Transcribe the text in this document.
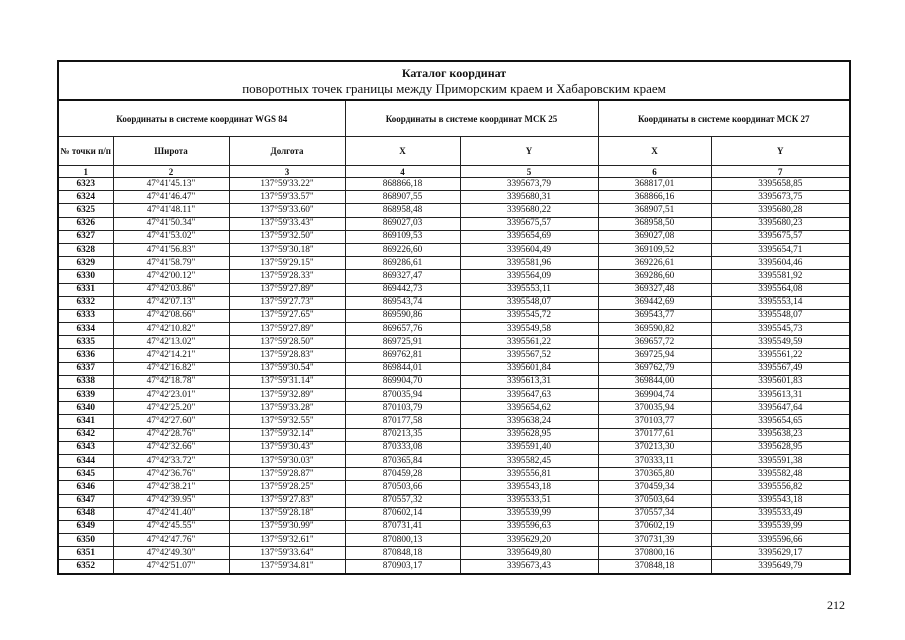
Каталог координат
поворотных точек границы между Приморским краем и Хабаровским краем						

Координаты в системе координат WGS 84			Координаты в системе координат МСК 25		Координаты в системе координат МСК 27	
№ точки п/п	Широта	Долгота	X	Y	X	Y
1	2	3	4	5	6	7
6323	47°41'45.13"	137°59'33.22"	868866,18	3395673,79	368817,01	3395658,85
6324	47°41'46.47"	137°59'33.57"	868907,55	3395680,31	368866,16	3395673,75
6325	47°41'48.11"	137°59'33.60"	868958,48	3395680,22	368907,51	3395680,28
6326	47°41'50.34"	137°59'33.43"	869027,03	3395675,57	368958,50	3395680,23
6327	47°41'53.02"	137°59'32.50"	869109,53	3395654,69	369027,08	3395675,57
6328	47°41'56.83"	137°59'30.18"	869226,60	3395604,49	369109,52	3395654,71
6329	47°41'58.79"	137°59'29.15"	869286,61	3395581,96	369226,61	3395604,46
6330	47°42'00.12"	137°59'28.33"	869327,47	3395564,09	369286,60	3395581,92
6331	47°42'03.86"	137°59'27.89"	869442,73	3395553,11	369327,48	3395564,08
6332	47°42'07.13"	137°59'27.73"	869543,74	3395548,07	369442,69	3395553,14
6333	47°42'08.66"	137°59'27.65"	869590,86	3395545,72	369543,77	3395548,07
6334	47°42'10.82"	137°59'27.89"	869657,76	3395549,58	369590,82	3395545,73
6335	47°42'13.02"	137°59'28.50"	869725,91	3395561,22	369657,72	3395549,59
6336	47°42'14.21"	137°59'28.83"	869762,81	3395567,52	369725,94	3395561,22
6337	47°42'16.82"	137°59'30.54"	869844,01	3395601,84	369762,79	3395567,49
6338	47°42'18.78"	137°59'31.14"	869904,70	3395613,31	369844,00	3395601,83
6339	47°42'23.01"	137°59'32.89"	870035,94	3395647,63	369904,74	3395613,31
6340	47°42'25.20"	137°59'33.28"	870103,79	3395654,62	370035,94	3395647,64
6341	47°42'27.60"	137°59'32.55"	870177,58	3395638,24	370103,77	3395654,65
6342	47°42'28.76"	137°59'32.14"	870213,35	3395628,95	370177,61	3395638,23
6343	47°42'32.66"	137°59'30.43"	870333,08	3395591,40	370213,30	3395628,95
6344	47°42'33.72"	137°59'30.03"	870365,84	3395582,45	370333,11	3395591,38
6345	47°42'36.76"	137°59'28.87"	870459,28	3395556,81	370365,80	3395582,48
6346	47°42'38.21"	137°59'28.25"	870503,66	3395543,18	370459,34	3395556,82
6347	47°42'39.95"	137°59'27.83"	870557,32	3395533,51	370503,64	3395543,18
6348	47°42'41.40"	137°59'28.18"	870602,14	3395539,99	370557,34	3395533,49
6349	47°42'45.55"	137°59'30.99"	870731,41	3395596,63	370602,19	3395539,99
6350	47°42'47.76"	137°59'32.61"	870800,13	3395629,20	370731,39	3395596,66
6351	47°42'49.30"	137°59'33.64"	870848,18	3395649,80	370800,16	3395629,17
6352	47°42'51.07"	137°59'34.81"	870903,17	3395673,43	370848,18	3395649,79
212
